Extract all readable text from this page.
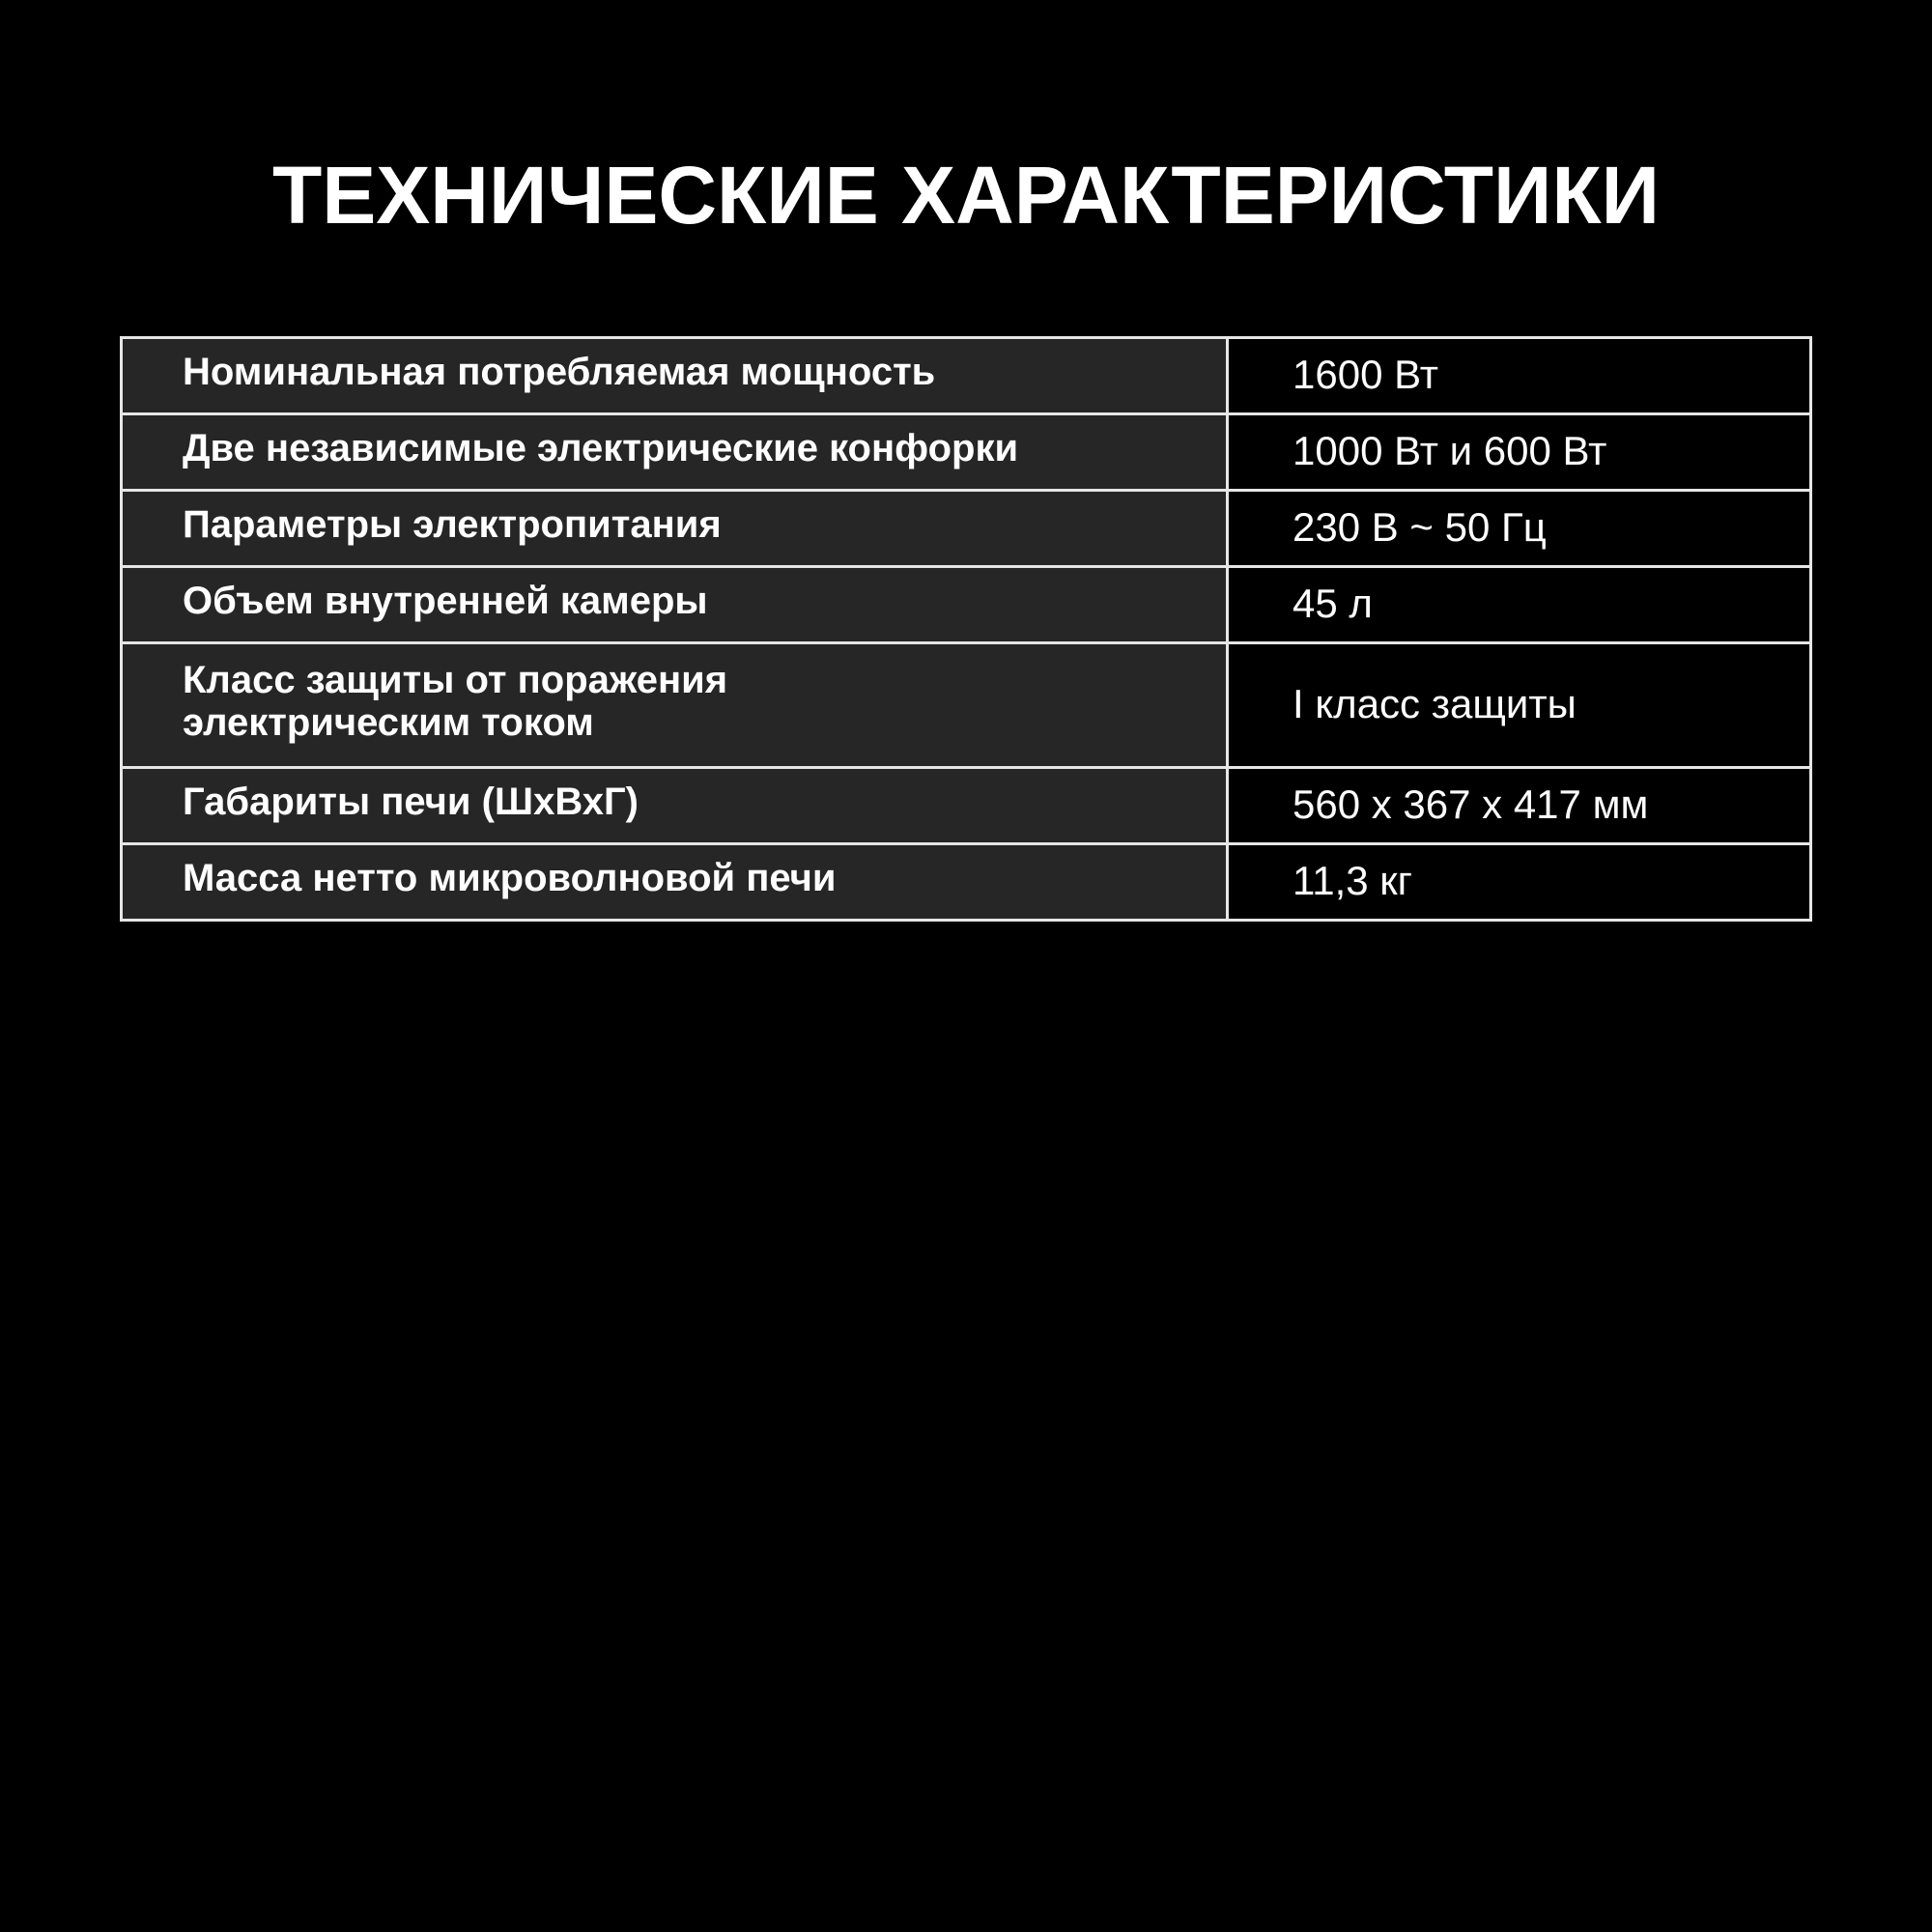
ТЕХНИЧЕСКИЕ ХАРАКТЕРИСТИКИ
Номинальная потребляемая мощность	1600 Вт

Две независимые электрические конфорки	1000 Вт и 600 Вт

Параметры электропитания	230 В ~ 50 Гц

Объем внутренней камеры	45 л

Класс защиты от поражения
электрическим током	I класс защиты

Габариты печи (ШхВхГ)	560 х 367 х 417 мм

Масса нетто микроволновой печи	11,3 кг
